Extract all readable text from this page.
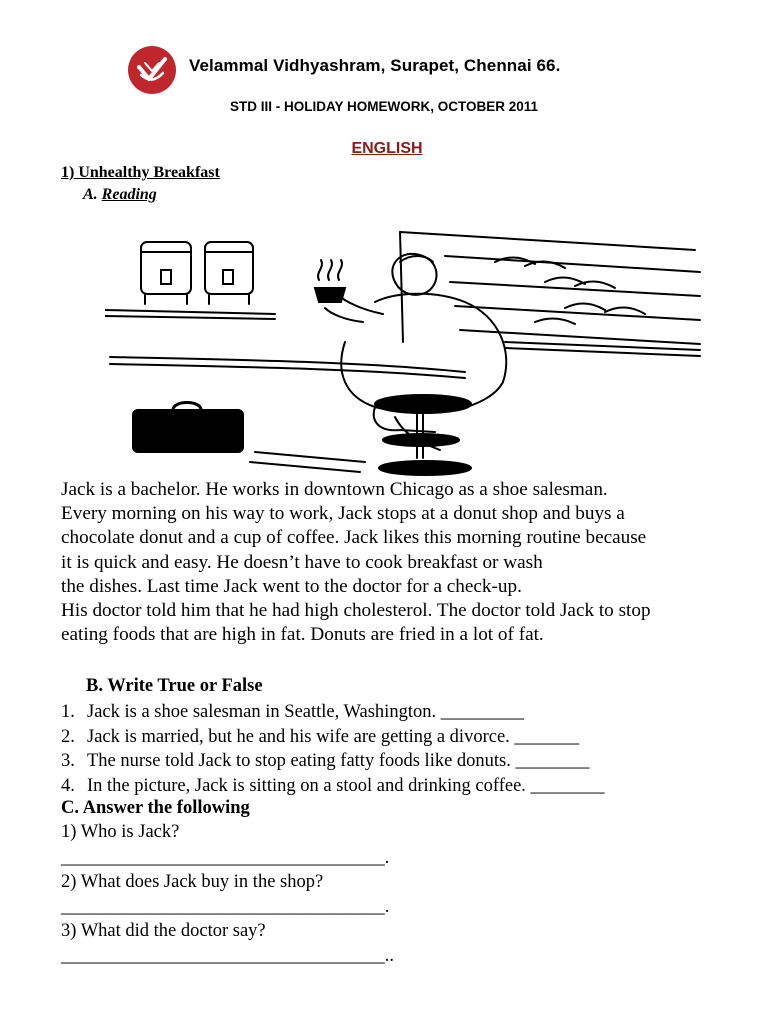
Velammal Vidhyashram, Surapet, Chennai 66.
STD III - HOLIDAY HOMEWORK, OCTOBER 2011
ENGLISH
1) Unhealthy Breakfast
A. Reading
Jack is a bachelor. He works in downtown Chicago as a shoe salesman.
Every morning on his way to work, Jack stops at a donut shop and buys a
chocolate donut and a cup of coffee. Jack likes this morning routine because
it is quick and easy. He doesn’t have to cook breakfast or wash
the dishes. Last time Jack went to the doctor for a check-up.
His doctor told him that he had high cholesterol. The doctor told Jack to stop
eating foods that are high in fat. Donuts are fried in a lot of fat.
B. Write True or False
1. Jack is a shoe salesman in Seattle, Washington. _________
2. Jack is married, but he and his wife are getting a divorce. _______
3. The nurse told Jack to stop eating fatty foods like donuts. ________
4. In the picture, Jack is sitting on a stool and drinking coffee. ________
C. Answer the following
1) Who is Jack?
___________________________________.
2) What does Jack buy in the shop?
___________________________________.
3) What did the doctor say?
___________________________________..
